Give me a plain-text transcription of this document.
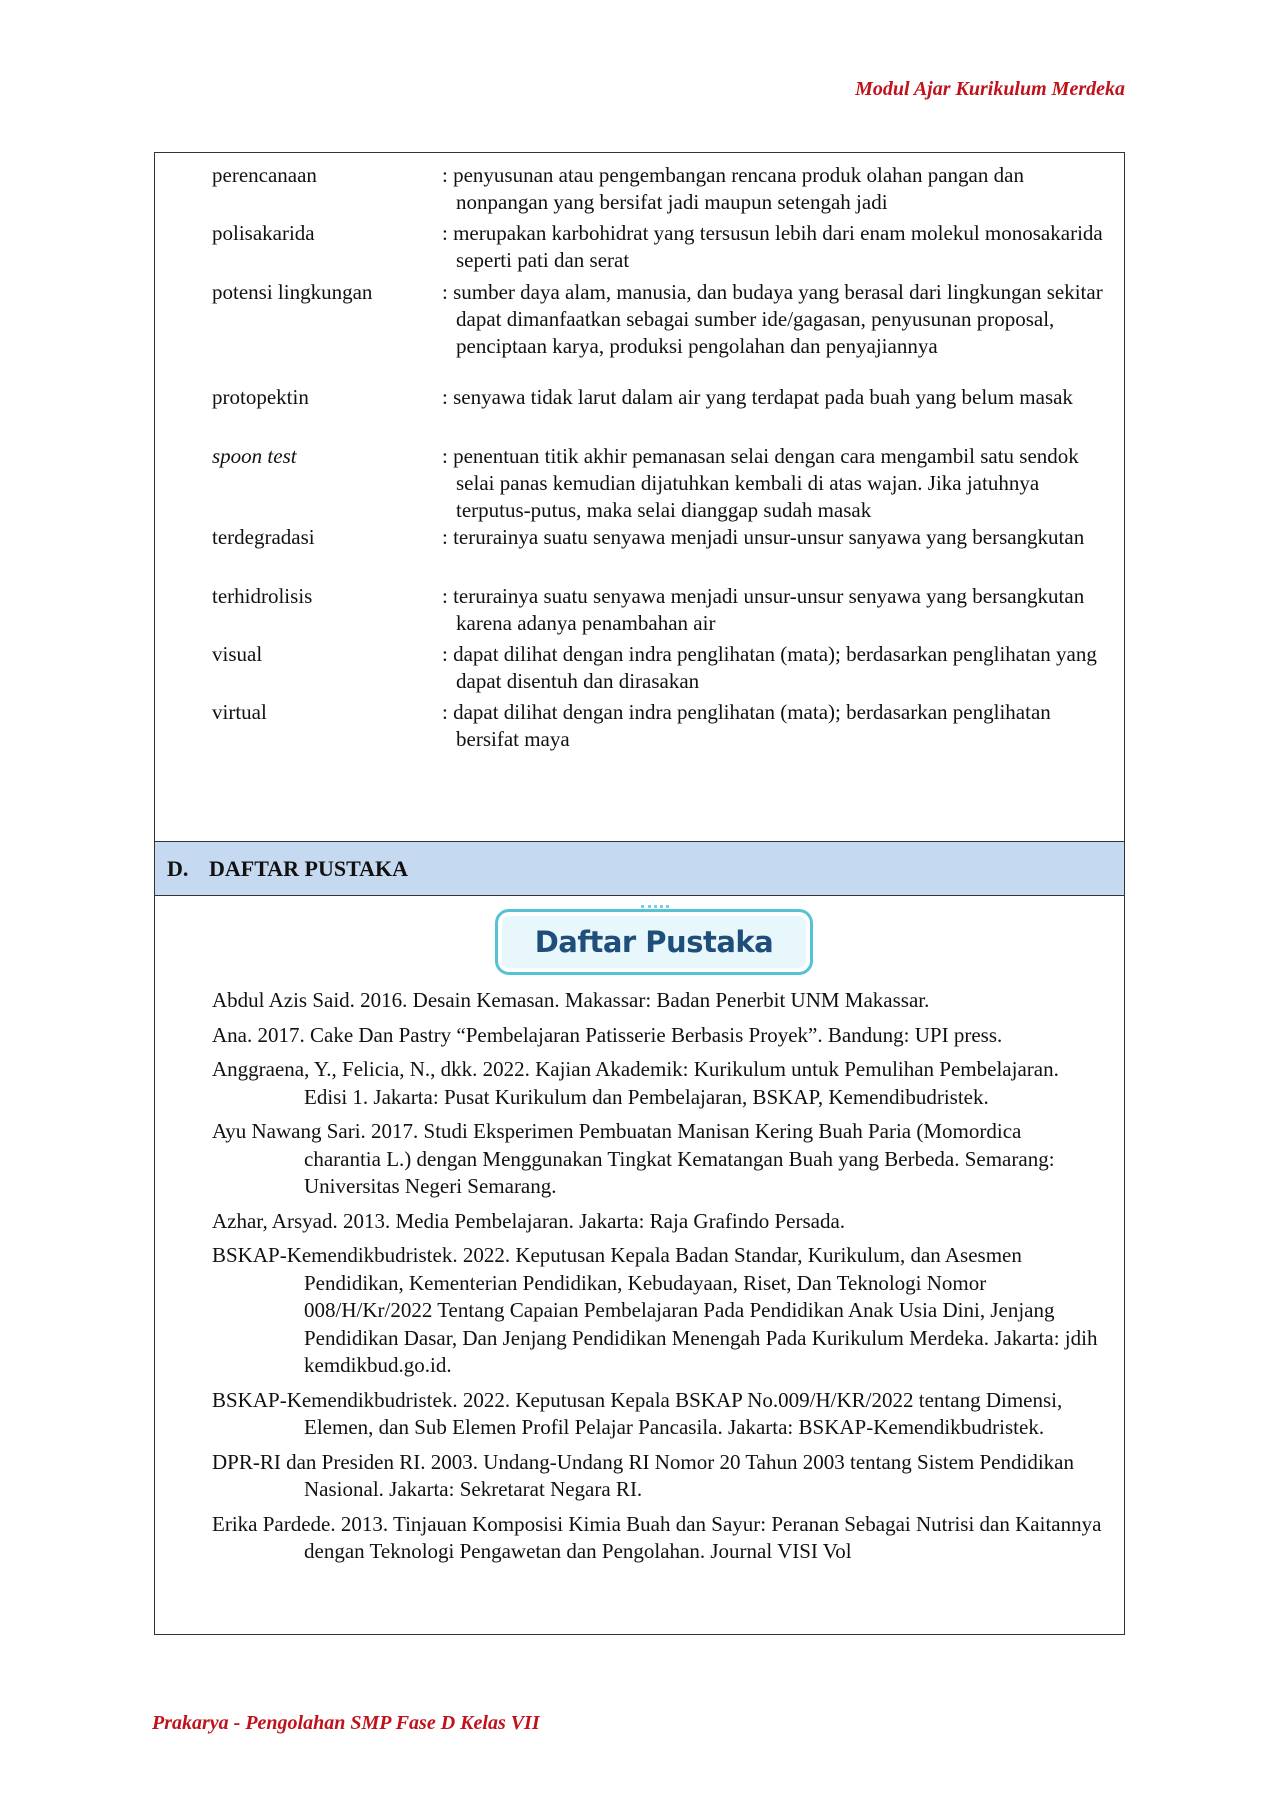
Modul Ajar Kurikulum Merdeka
perencanaan	: penyusunan atau pengembangan rencana produk olahan pangan dan nonpangan yang bersifat jadi maupun setengah jadi
polisakarida	: merupakan karbohidrat yang tersusun lebih dari enam molekul monosakarida seperti pati dan serat
potensi lingkungan	: sumber daya alam, manusia, dan budaya yang berasal dari lingkungan sekitar dapat dimanfaatkan sebagai sumber ide/gagasan, penyusunan proposal, penciptaan karya, produksi pengolahan dan penyajiannya
protopektin	: senyawa tidak larut dalam air yang terdapat pada buah yang belum masak
spoon test	: penentuan titik akhir pemanasan selai dengan cara mengambil satu sendok selai panas kemudian dijatuhkan kembali di atas wajan. Jika jatuhnya terputus-putus, maka selai dianggap sudah masak
terdegradasi	: terurainya suatu senyawa menjadi unsur-unsur sanyawa yang bersangkutan
terhidrolisis	: terurainya suatu senyawa menjadi unsur-unsur senyawa yang bersangkutan karena adanya penambahan air
visual	: dapat dilihat dengan indra penglihatan (mata); berdasarkan penglihatan yang dapat disentuh dan dirasakan
virtual	: dapat dilihat dengan indra penglihatan (mata); berdasarkan penglihatan bersifat maya
D. DAFTAR PUSTAKA
Daftar Pustaka

Abdul Azis Said. 2016. Desain Kemasan. Makassar: Badan Penerbit UNM Makassar.

Ana. 2017. Cake Dan Pastry “Pembelajaran Patisserie Berbasis Proyek”. Bandung: UPI press.

Anggraena, Y., Felicia, N., dkk. 2022. Kajian Akademik: Kurikulum untuk Pemulihan Pembelajaran. Edisi 1. Jakarta: Pusat Kurikulum dan Pembelajaran, BSKAP, Kemendibudristek.

Ayu Nawang Sari. 2017. Studi Eksperimen Pembuatan Manisan Kering Buah Paria (Momordica charantia L.) dengan Menggunakan Tingkat Kematangan Buah yang Berbeda. Semarang: Universitas Negeri Semarang.

Azhar, Arsyad. 2013. Media Pembelajaran. Jakarta: Raja Grafindo Persada.

BSKAP-Kemendikbudristek. 2022. Keputusan Kepala Badan Standar, Kurikulum, dan Asesmen Pendidikan, Kementerian Pendidikan, Kebudayaan, Riset, Dan Teknologi Nomor 008/H/Kr/2022 Tentang Capaian Pembelajaran Pada Pendidikan Anak Usia Dini, Jenjang Pendidikan Dasar, Dan Jenjang Pendidikan Menengah Pada Kurikulum Merdeka. Jakarta: jdih kemdikbud.go.id.

BSKAP-Kemendikbudristek. 2022. Keputusan Kepala BSKAP No.009/H/KR/2022 tentang Dimensi, Elemen, dan Sub Elemen Profil Pelajar Pancasila. Jakarta: BSKAP-Kemendikbudristek.

DPR-RI dan Presiden RI. 2003. Undang-Undang RI Nomor 20 Tahun 2003 tentang Sistem Pendidikan Nasional. Jakarta: Sekretarat Negara RI.

Erika Pardede. 2013. Tinjauan Komposisi Kimia Buah dan Sayur: Peranan Sebagai Nutrisi dan Kaitannya dengan Teknologi Pengawetan dan Pengolahan. Journal VISI Vol

Prakarya - Pengolahan SMP Fase D Kelas VII
